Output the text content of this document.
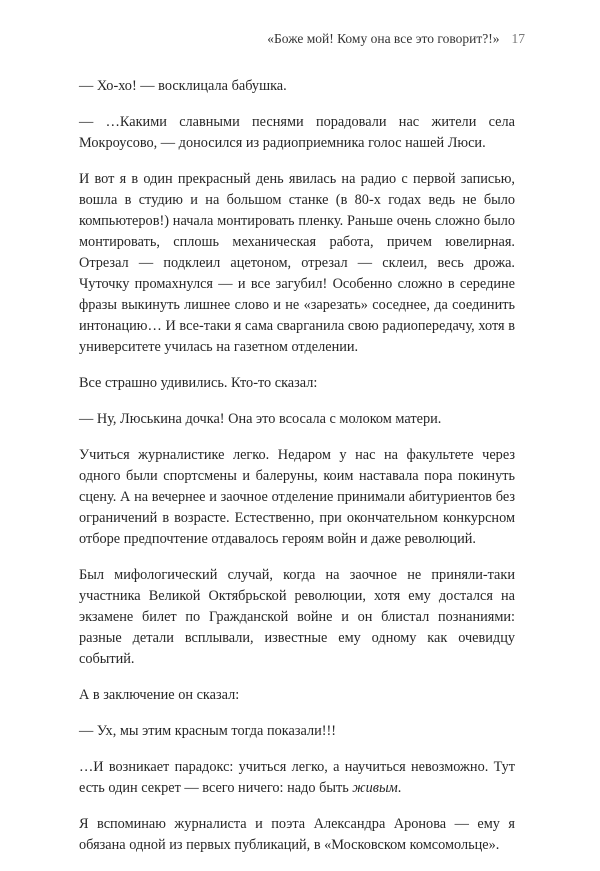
«Боже мой! Кому она все это говорит?!» 17

— Хо-хо! — восклицала бабушка.

— …Какими славными песнями порадовали нас жители села Мокроусово, — доносился из радиоприемника голос нашей Люси.

И вот я в один прекрасный день явилась на радио с первой записью, вошла в студию и на большом станке (в 80-х годах ведь не было компьютеров!) начала монтировать пленку. Раньше очень сложно было монтировать, сплошь механическая работа, причем ювелирная. Отрезал — подклеил ацетоном, отрезал — склеил, весь дрожа. Чуточку промахнулся — и все загубил! Особенно сложно в середине фразы выкинуть лишнее слово и не «зарезать» соседнее, да соединить интонацию… И все-таки я сама сварганила свою радиопередачу, хотя в университете училась на газетном отделении.

Все страшно удивились. Кто-то сказал:

— Ну, Люськина дочка! Она это всосала с молоком матери.

Учиться журналистике легко. Недаром у нас на факультете через одного были спортсмены и балеруны, коим наставала пора покинуть сцену. А на вечернее и заочное отделение принимали абитуриентов без ограничений в возрасте. Естественно, при окончательном конкурсном отборе предпочтение отдавалось героям войн и даже революций.

Был мифологический случай, когда на заочное не приняли-таки участника Великой Октябрьской революции, хотя ему достался на экзамене билет по Гражданской войне и он блистал познаниями: разные детали всплывали, известные ему одному как очевидцу событий.

А в заключение он сказал:

— Ух, мы этим красным тогда показали!!!

…И возникает парадокс: учиться легко, а научиться невозможно. Тут есть один секрет — всего ничего: надо быть живым.

Я вспоминаю журналиста и поэта Александра Аронова — ему я обязана одной из первых публикаций, в «Московском комсомольце».
